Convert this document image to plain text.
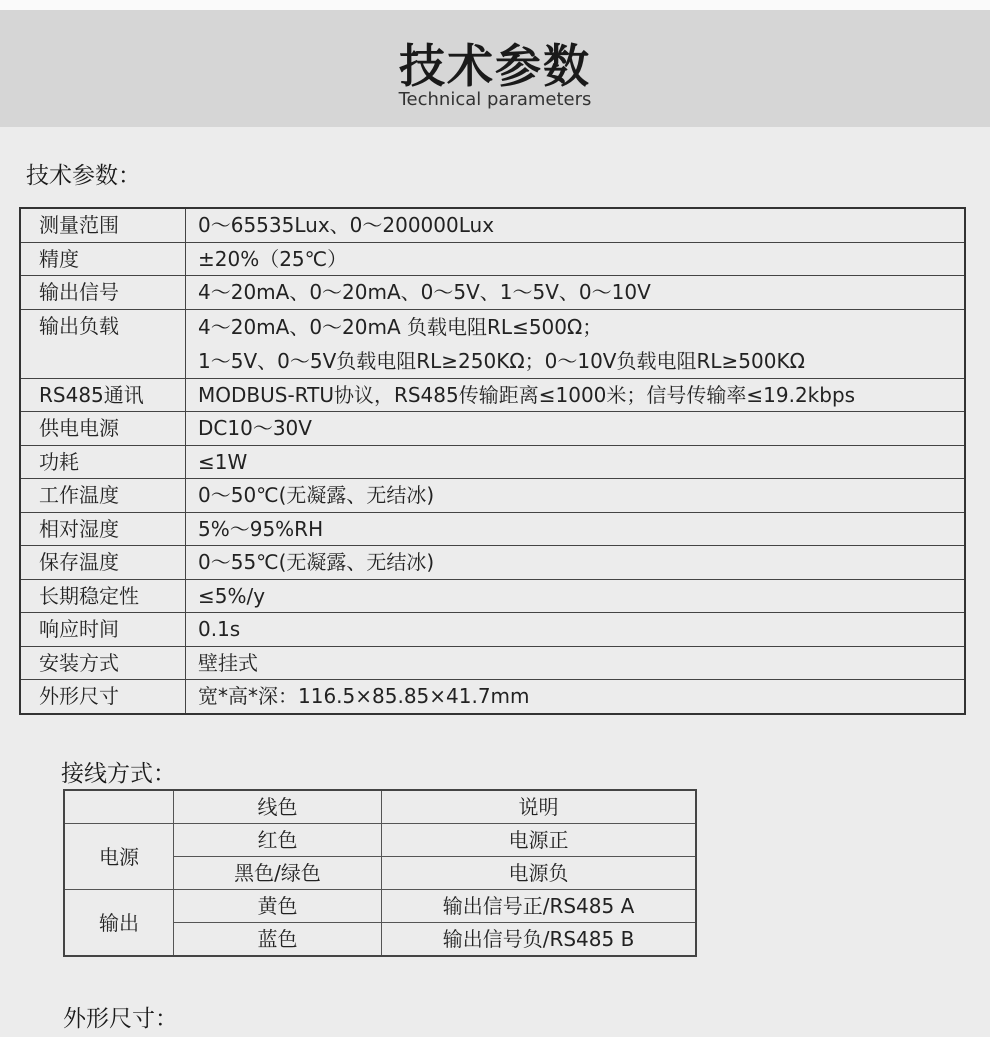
技术参数
Technical parameters
技术参数：
测量范围	0～65535Lux、0～200000Lux

精度	±20%（25℃）

输出信号	4～20mA、0～20mA、0～5V、1～5V、0～10V

输出负载	4～20mA、0～20mA 负载电阻RL≤500Ω；
1～5V、0～5V负载电阻RL≥250KΩ；0～10V负载电阻RL≥500KΩ

RS485通讯	MODBUS-RTU协议，RS485传输距离≤1000米；信号传输率≤19.2kbps

供电电源	DC10～30V

功耗	≤1W

工作温度	0～50℃(无凝露、无结冰)

相对湿度	5%～95%RH

保存温度	0～55℃(无凝露、无结冰)

长期稳定性	≤5%/y

响应时间	0.1s

安装方式	壁挂式

外形尺寸	宽*高*深：116.5×85.85×41.7mm
接线方式：
	线色	说明
电源	红色	电源正
	黑色/绿色	电源负
输出	黄色	输出信号正/RS485 A
	蓝色	输出信号负/RS485 B
外形尺寸：
